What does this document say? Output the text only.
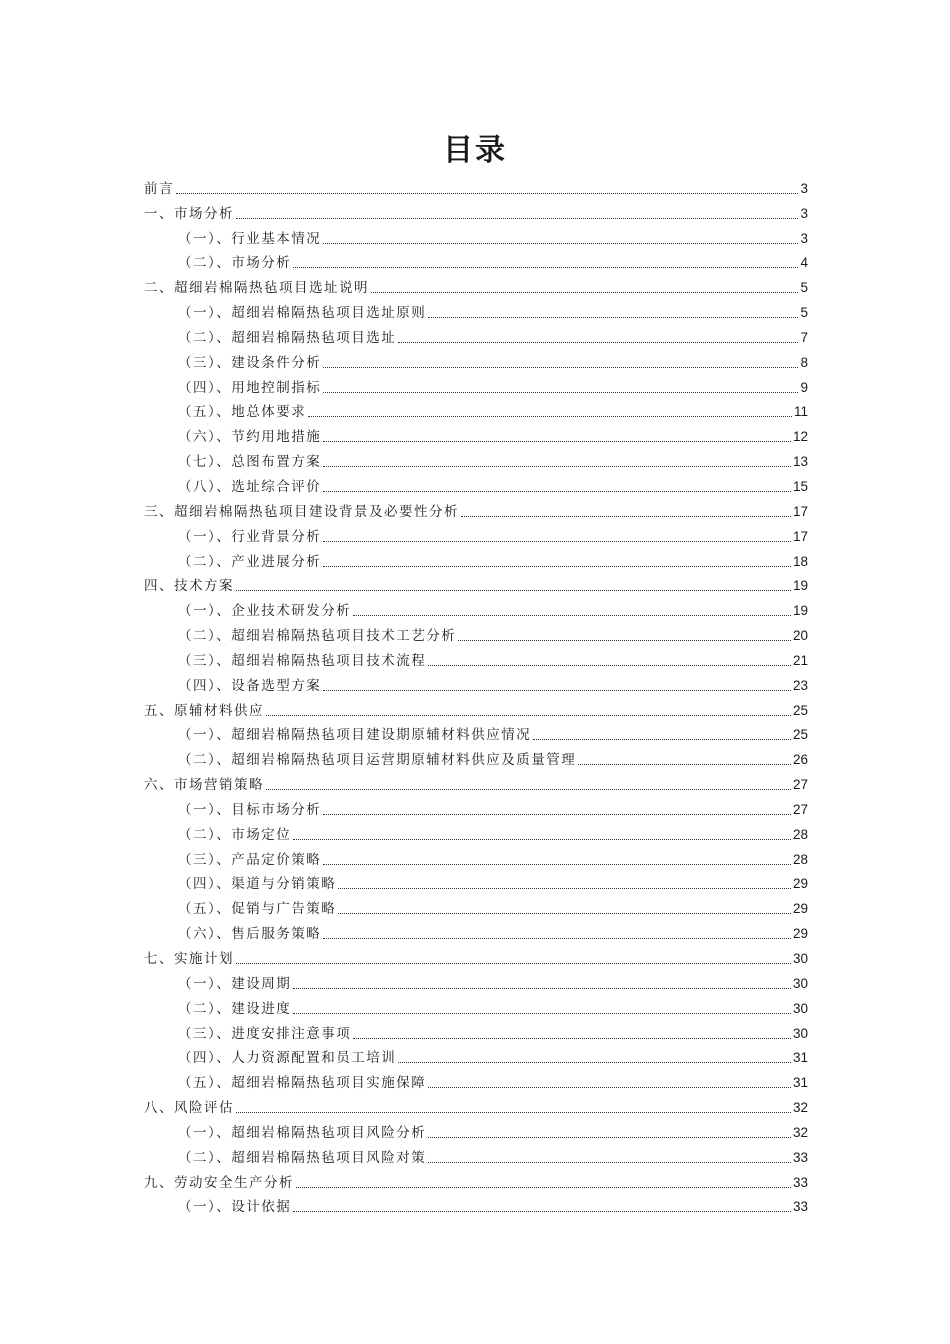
目录
前言	3
一、市场分析	3
（一）、行业基本情况	3
（二）、市场分析	4
二、超细岩棉隔热毡项目选址说明	5
（一）、超细岩棉隔热毡项目选址原则	5
（二）、超细岩棉隔热毡项目选址	7
（三）、建设条件分析	8
（四）、用地控制指标	9
（五）、地总体要求	11
（六）、节约用地措施	12
（七）、总图布置方案	13
（八）、选址综合评价	15
三、超细岩棉隔热毡项目建设背景及必要性分析	17
（一）、行业背景分析	17
（二）、产业进展分析	18
四、技术方案	19
（一）、企业技术研发分析	19
（二）、超细岩棉隔热毡项目技术工艺分析	20
（三）、超细岩棉隔热毡项目技术流程	21
（四）、设备选型方案	23
五、原辅材料供应	25
（一）、超细岩棉隔热毡项目建设期原辅材料供应情况	25
（二）、超细岩棉隔热毡项目运营期原辅材料供应及质量管理	26
六、市场营销策略	27
（一）、目标市场分析	27
（二）、市场定位	28
（三）、产品定价策略	28
（四）、渠道与分销策略	29
（五）、促销与广告策略	29
（六）、售后服务策略	29
七、实施计划	30
（一）、建设周期	30
（二）、建设进度	30
（三）、进度安排注意事项	30
（四）、人力资源配置和员工培训	31
（五）、超细岩棉隔热毡项目实施保障	31
八、风险评估	32
（一）、超细岩棉隔热毡项目风险分析	32
（二）、超细岩棉隔热毡项目风险对策	33
九、劳动安全生产分析	33
（一）、设计依据	33
